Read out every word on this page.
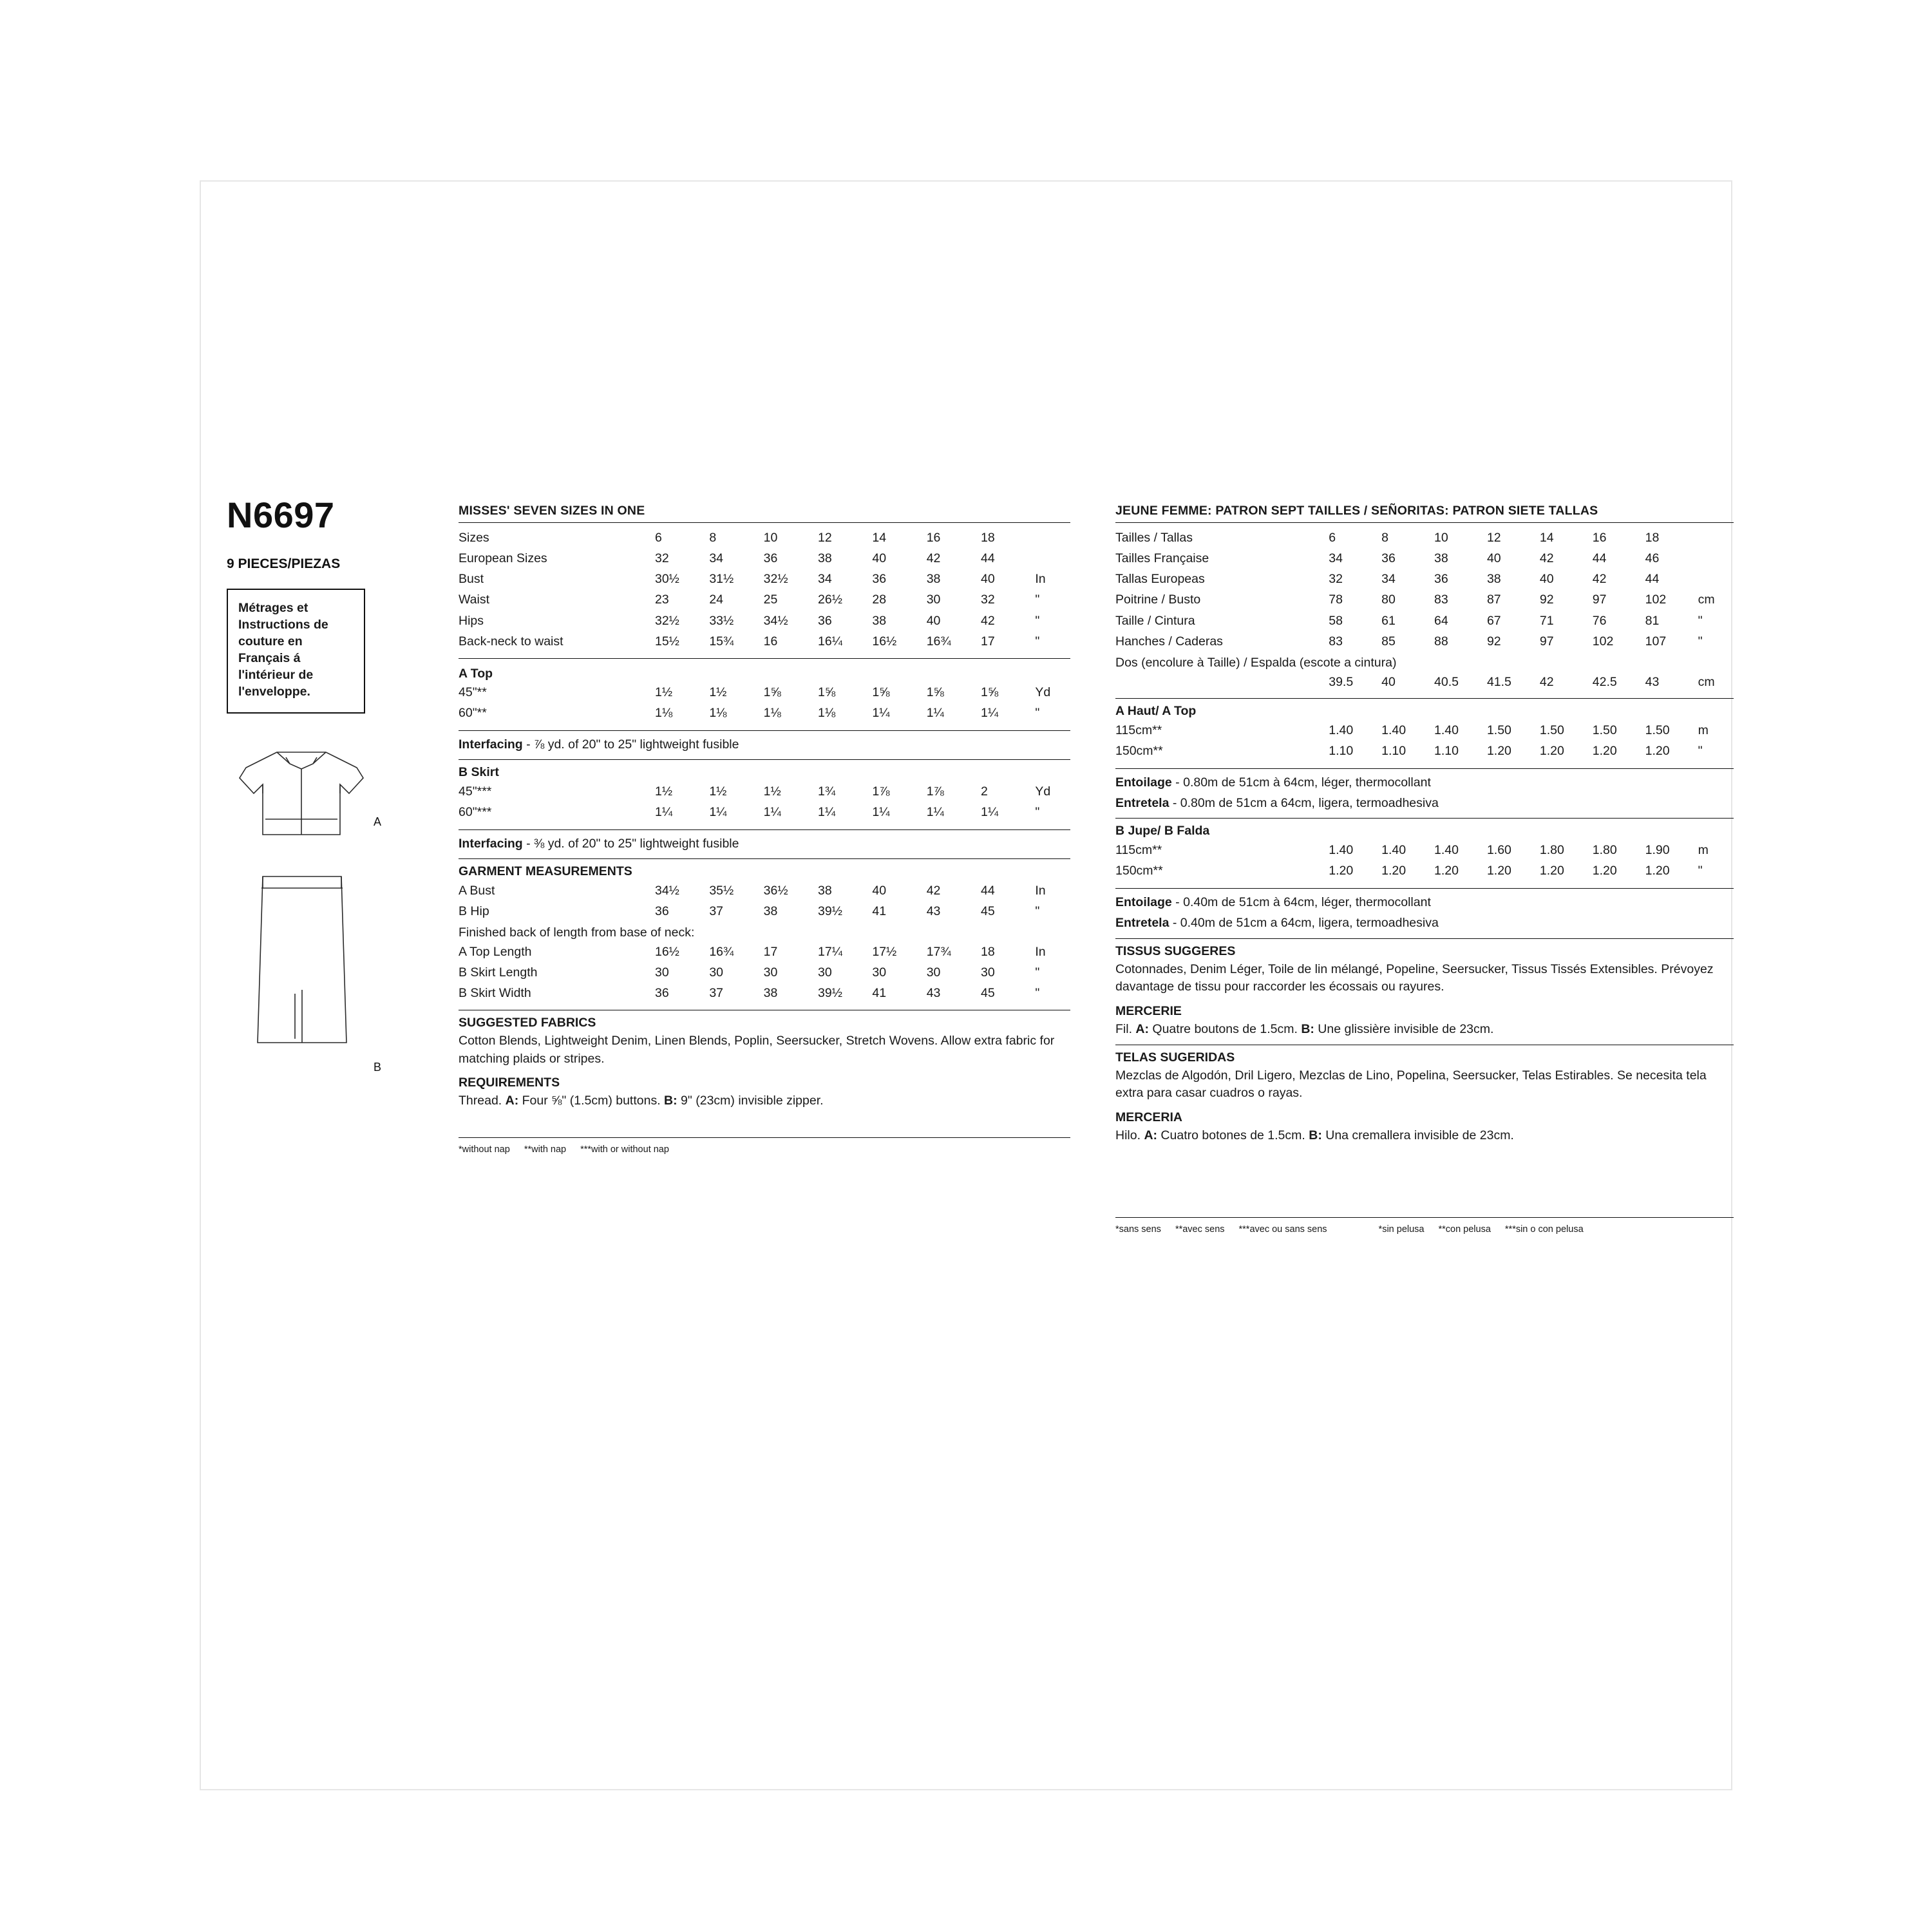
N6697
9 PIECES/PIEZAS
Métrages et Instructions de couture en Français á l'intérieur de l'enveloppe.
A
B
MISSES' SEVEN SIZES IN ONE
Sizes	6	8	10	12	14	16	18	
European Sizes	32	34	36	38	40	42	44	
Bust	30½	31½	32½	34	36	38	40	In
Waist	23	24	25	26½	28	30	32	"
Hips	32½	33½	34½	36	38	40	42	"
Back-neck to waist	15½	15¾	16	16¼	16½	16¾	17	"
A Top
45"**	1½	1½	1⅝	1⅝	1⅝	1⅝	1⅝	Yd
60"**	1⅛	1⅛	1⅛	1⅛	1¼	1¼	1¼	"
Interfacing - ⅞ yd. of 20" to 25" lightweight fusible
B Skirt
45"***	1½	1½	1½	1¾	1⅞	1⅞	2	Yd
60"***	1¼	1¼	1¼	1¼	1¼	1¼	1¼	"
Interfacing - ⅜ yd. of 20" to 25" lightweight fusible
GARMENT MEASUREMENTS
A Bust	34½	35½	36½	38	40	42	44	In
B Hip	36	37	38	39½	41	43	45	"
Finished back of length from base of neck:
A Top Length	16½	16¾	17	17¼	17½	17¾	18	In
B Skirt Length	30	30	30	30	30	30	30	"
B Skirt Width	36	37	38	39½	41	43	45	"
SUGGESTED FABRICS
Cotton Blends, Lightweight Denim, Linen Blends, Poplin, Seersucker, Stretch Wovens. Allow extra fabric for matching plaids or stripes.
REQUIREMENTS
Thread. A: Four ⅝" (1.5cm) buttons. B: 9" (23cm) invisible zipper.
*without nap **with nap ***with or without nap
JEUNE FEMME: PATRON SEPT TAILLES / SEÑORITAS: PATRON SIETE TALLAS
Tailles / Tallas	6	8	10	12	14	16	18	
Tailles Française	34	36	38	40	42	44	46	
Tallas Europeas	32	34	36	38	40	42	44	
Poitrine / Busto	78	80	83	87	92	97	102	cm
Taille / Cintura	58	61	64	67	71	76	81	"
Hanches / Caderas	83	85	88	92	97	102	107	"
Dos (encolure à Taille) / Espalda (escote a cintura)
	39.5	40	40.5	41.5	42	42.5	43	cm
A Haut/ A Top
115cm**	1.40	1.40	1.40	1.50	1.50	1.50	1.50	m
150cm**	1.10	1.10	1.10	1.20	1.20	1.20	1.20	"
Entoilage - 0.80m de 51cm à 64cm, léger, thermocollant
Entretela - 0.80m de 51cm a 64cm, ligera, termoadhesiva
B Jupe/ B Falda
115cm**	1.40	1.40	1.40	1.60	1.80	1.80	1.90	m
150cm**	1.20	1.20	1.20	1.20	1.20	1.20	1.20	"
Entoilage - 0.40m de 51cm à 64cm, léger, thermocollant
Entretela - 0.40m de 51cm a 64cm, ligera, termoadhesiva
TISSUS SUGGERES
Cotonnades, Denim Léger, Toile de lin mélangé, Popeline, Seersucker, Tissus Tissés Extensibles. Prévoyez davantage de tissu pour raccorder les écossais ou rayures.
MERCERIE
Fil. A: Quatre boutons de 1.5cm. B: Une glissière invisible de 23cm.
TELAS SUGERIDAS
Mezclas de Algodón, Dril Ligero, Mezclas de Lino, Popelina, Seersucker, Telas Estirables. Se necesita tela extra para casar cuadros o rayas.
MERCERIA
Hilo. A: Cuatro botones de 1.5cm. B: Una cremallera invisible de 23cm.
*sans sens **avec sens ***avec ou sans sens	*sin pelusa **con pelusa ***sin o con pelusa
